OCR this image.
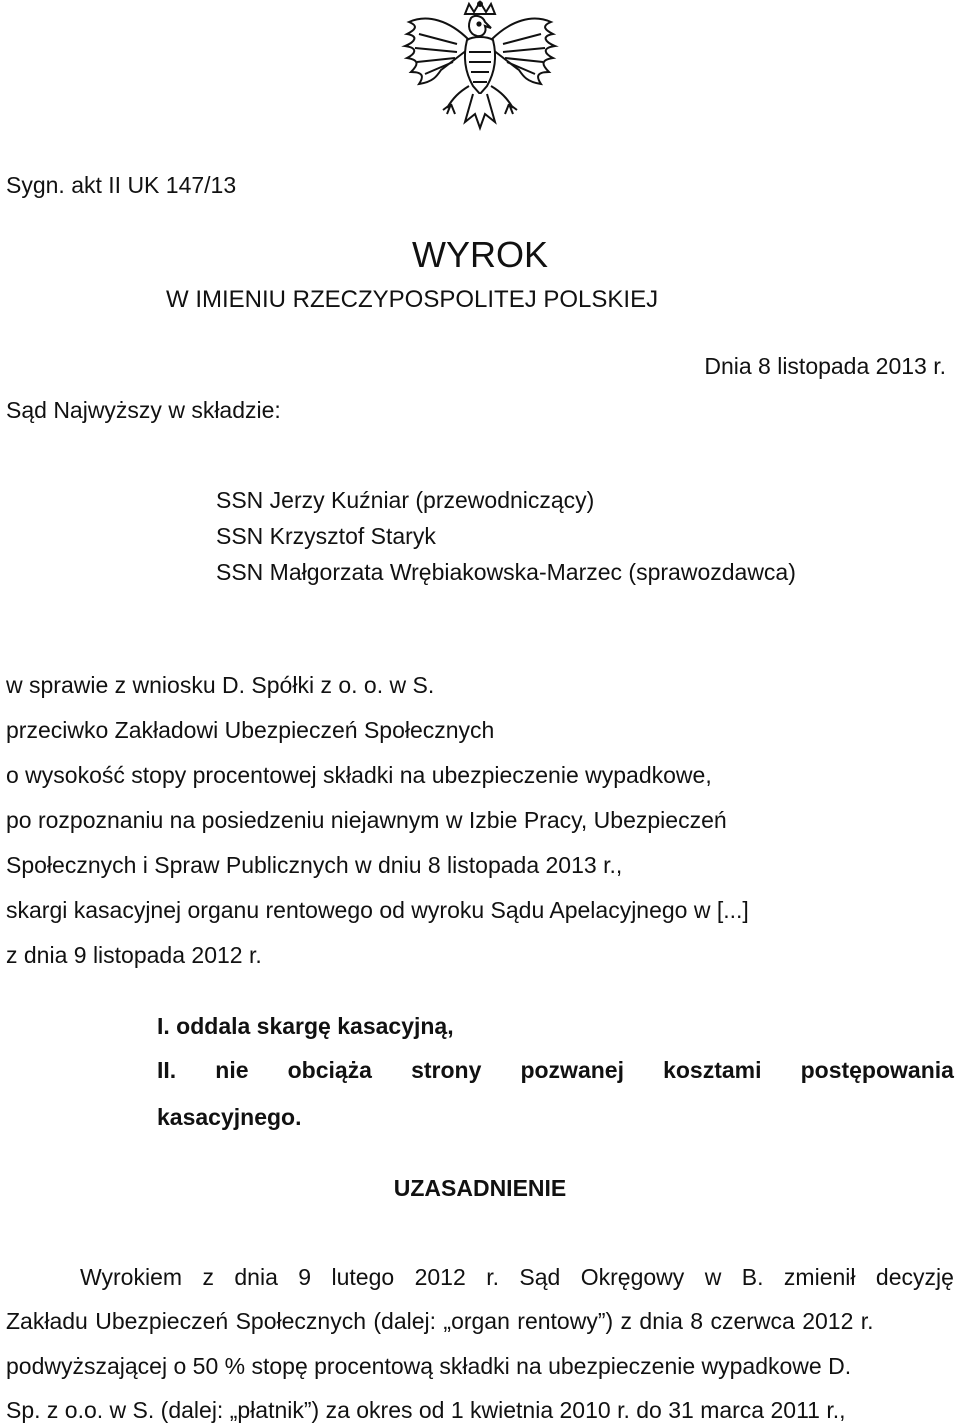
Sygn. akt II UK 147/13
WYROK
W IMIENIU RZECZYPOSPOLITEJ POLSKIEJ
Dnia 8 listopada 2013 r.
Sąd Najwyższy w składzie:
SSN Jerzy Kuźniar (przewodniczący)
SSN Krzysztof Staryk
SSN Małgorzata Wrębiakowska-Marzec (sprawozdawca)
w sprawie z wniosku D. Spółki z o. o. w S.
przeciwko Zakładowi Ubezpieczeń Społecznych
o wysokość stopy procentowej składki na ubezpieczenie wypadkowe,
po rozpoznaniu na posiedzeniu niejawnym w Izbie Pracy, Ubezpieczeń
Społecznych i Spraw Publicznych w dniu 8 listopada 2013 r.,
skargi kasacyjnej organu rentowego od wyroku Sądu Apelacyjnego w [...]
z dnia 9 listopada 2012 r.
I. oddala skargę kasacyjną,
II. nie obciąża strony pozwanej kosztami postępowania
kasacyjnego.
UZASADNIENIE
Wyrokiem z dnia 9 lutego 2012 r. Sąd Okręgowy w B. zmienił decyzję
Zakładu Ubezpieczeń Społecznych (dalej: „organ rentowy”) z dnia 8 czerwca 2012 r.
podwyższającej o 50 % stopę procentową składki na ubezpieczenie wypadkowe D.
Sp. z o.o. w S. (dalej: „płatnik”) za okres od 1 kwietnia 2010 r. do 31 marca 2011 r.,
